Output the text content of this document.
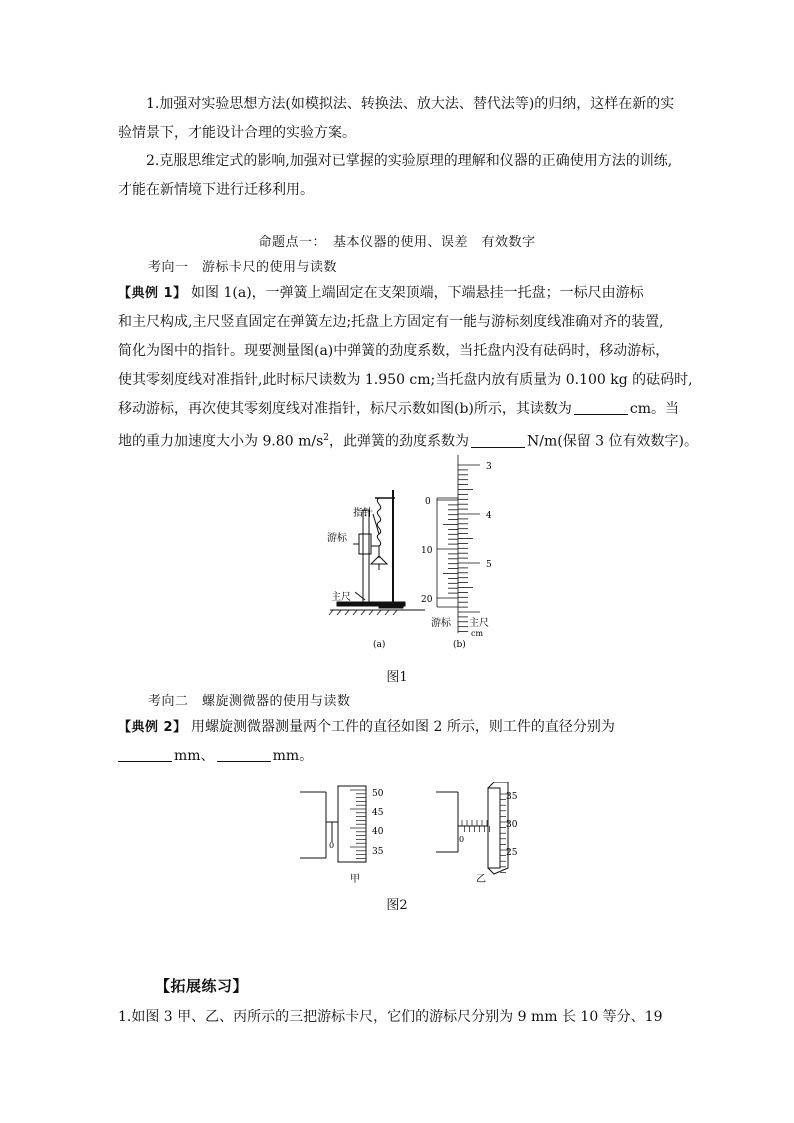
1.加强对实验思想方法(如模拟法、转换法、放大法、替代法等)的归纳，这样在新的实
验情景下，才能设计合理的实验方案。
2.克服思维定式的影响,加强对已掌握的实验原理的理解和仪器的正确使用方法的训练,
才能在新情境下进行迁移利用。
命题点一：　基本仪器的使用、误差　有效数字
考向一　游标卡尺的使用与读数
【典例 1】 如图 1(a)，一弹簧上端固定在支架顶端，下端悬挂一托盘；一标尺由游标
和主尺构成,主尺竖直固定在弹簧左边;托盘上方固定有一能与游标刻度线准确对齐的装置,
简化为图中的指针。现要测量图(a)中弹簧的劲度系数，当托盘内没有砝码时，移动游标，
使其零刻度线对准指针,此时标尺读数为 1.950 cm;当托盘内放有质量为 0.100 kg 的砝码时,
移动游标，再次使其零刻度线对准指针，标尺示数如图(b)所示，其读数为	cm。当
地的重力加速度大小为 9.80 $m/s^2$，此弹簧的劲度系数为	N/m(保留 3 位有效数字)。
指针
游标
主尺
(a)
3
4
5
0
10
20
游标 主尺
cm
(b)
图1
考向二　螺旋测微器的使用与读数
【典例 2】 用螺旋测微器测量两个工件的直径如图 2 所示，则工件的直径分别为
mm、	mm。
50
45
40
35
0
甲
35
30
25
0
乙
图2
【拓展练习】
1.如图 3 甲、乙、丙所示的三把游标卡尺，它们的游标尺分别为 9 mm 长 10 等分、19
